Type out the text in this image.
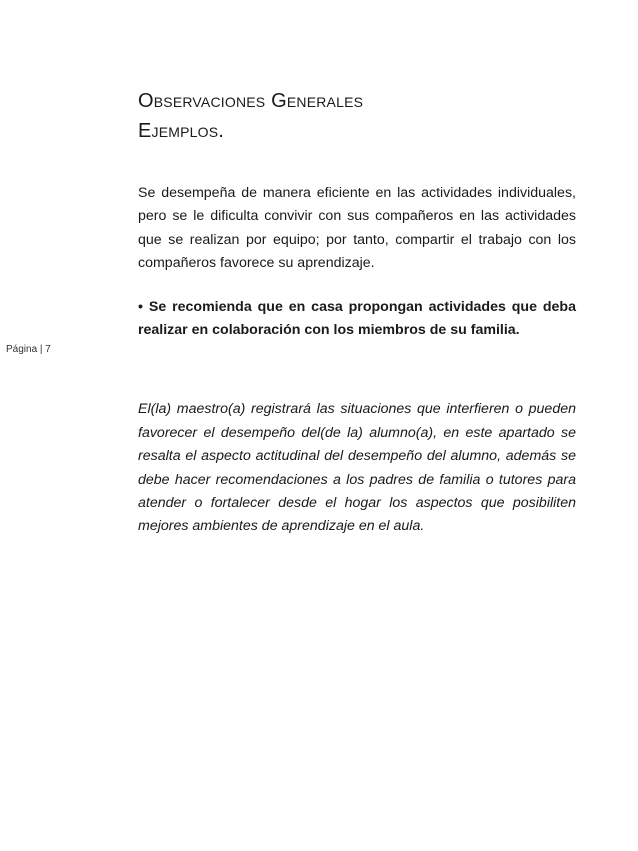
Página | 7
Observaciones Generales
Ejemplos.

Se desempeña de manera eficiente en las actividades individuales, pero se le dificulta convivir con sus compañeros en las actividades que se realizan por equipo; por tanto, compartir el trabajo con los compañeros favorece su aprendizaje.

• Se recomienda que en casa propongan actividades que deba realizar en colaboración con los miembros de su familia.

El(la) maestro(a) registrará las situaciones que interfieren o pueden favorecer el desempeño del(de la) alumno(a), en este apartado se resalta el aspecto actitudinal del desempeño del alumno, además se debe hacer recomendaciones a los padres de familia o tutores para atender o fortalecer desde el hogar los aspectos que posibiliten mejores ambientes de aprendizaje en el aula.
